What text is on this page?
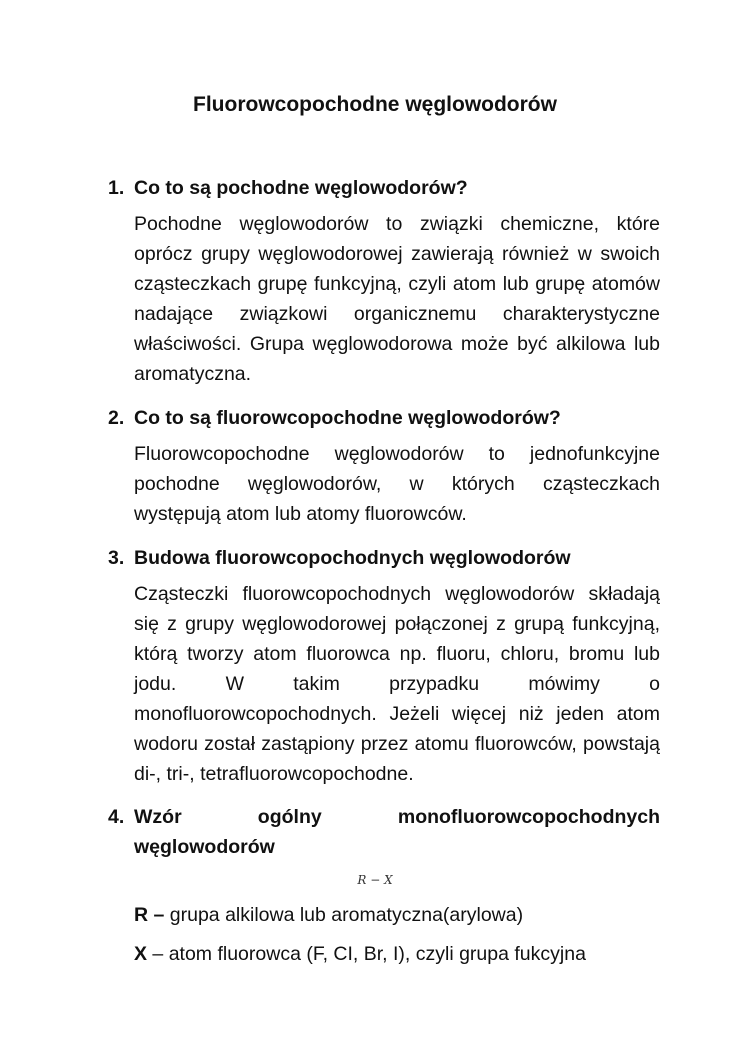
Fluorowcopochodne węglowodorów
1. Co to są pochodne węglowodorów?
Pochodne węglowodorów to związki chemiczne, które oprócz grupy węglowodorowej zawierają również w swoich cząsteczkach grupę funkcyjną, czyli atom lub grupę atomów nadające związkowi organicznemu charakterystyczne właściwości. Grupa węglowodorowa może być alkilowa lub aromatyczna.
2. Co to są fluorowcopochodne węglowodorów?
Fluorowcopochodne węglowodorów to jednofunkcyjne pochodne węglowodorów, w których cząsteczkach występują atom lub atomy fluorowców.
3. Budowa fluorowcopochodnych węglowodorów
Cząsteczki fluorowcopochodnych węglowodorów składają się z grupy węglowodorowej połączonej z grupą funkcyjną, którą tworzy atom fluorowca np. fluoru, chloru, bromu lub jodu. W takim przypadku mówimy o monofluorowcopochodnych. Jeżeli więcej niż jeden atom wodoru został zastąpiony przez atomu fluorowców, powstają di-, tri-, tetrafluorowcopochodne.
4. Wzór ogólny monofluorowcopochodnych węglowodorów
R − X
R – grupa alkilowa lub aromatyczna(arylowa)
X – atom fluorowca (F, CI, Br, I), czyli grupa fukcyjna
